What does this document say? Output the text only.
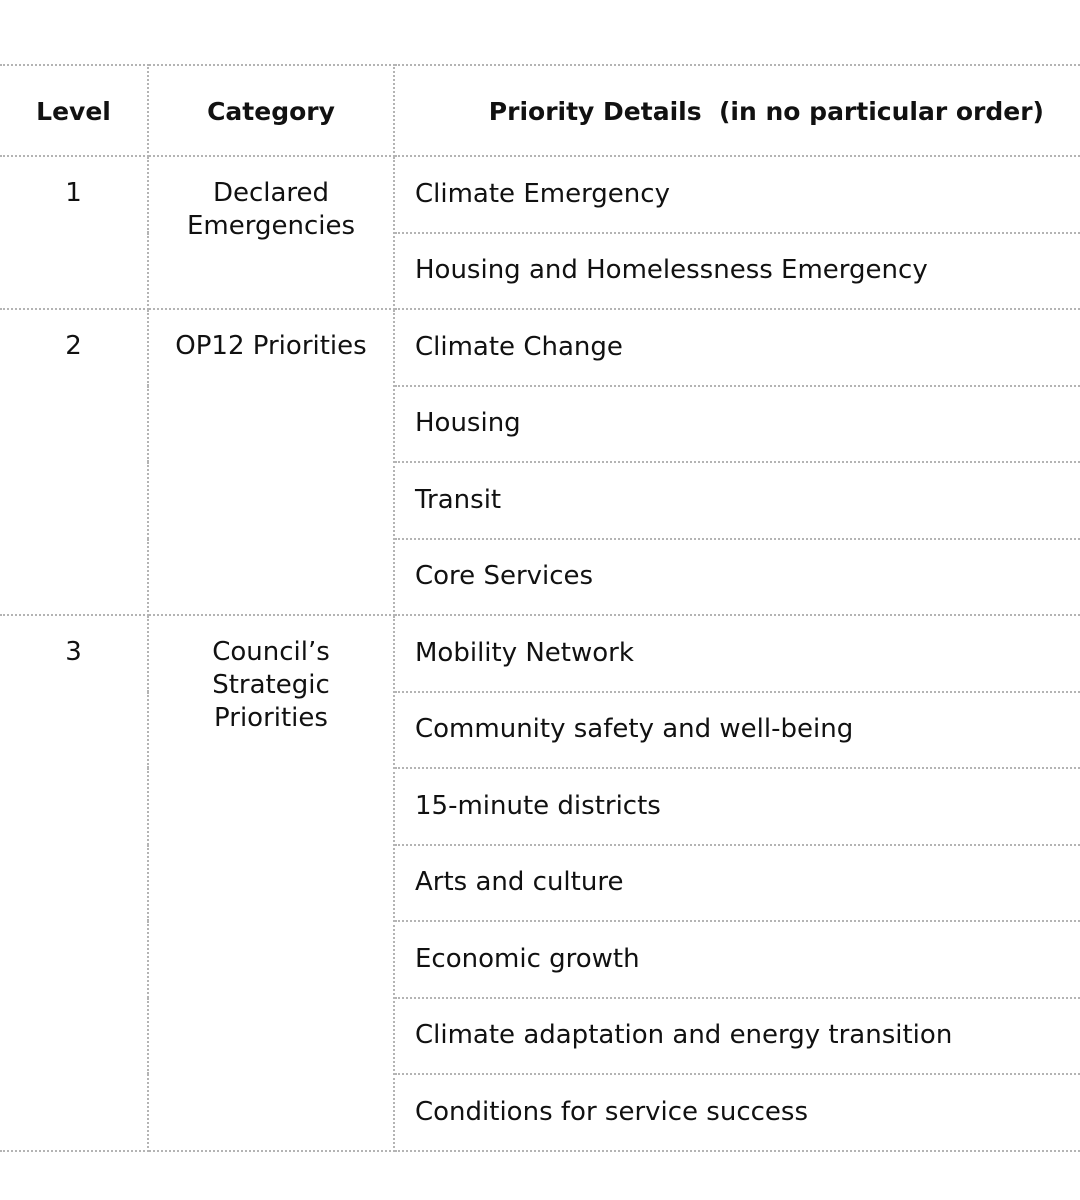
Level	Category	Priority Details  (in no particular order)
1	Declared Emergencies	Climate Emergency
		Housing and Homelessness Emergency
2	OP12 Priorities	Climate Change
		Housing
		Transit
		Core Services
3	Council’s Strategic Priorities	Mobility Network
		Community safety and well-being
		15-minute districts
		Arts and culture
		Economic growth
		Climate adaptation and energy transition
		Conditions for service success
